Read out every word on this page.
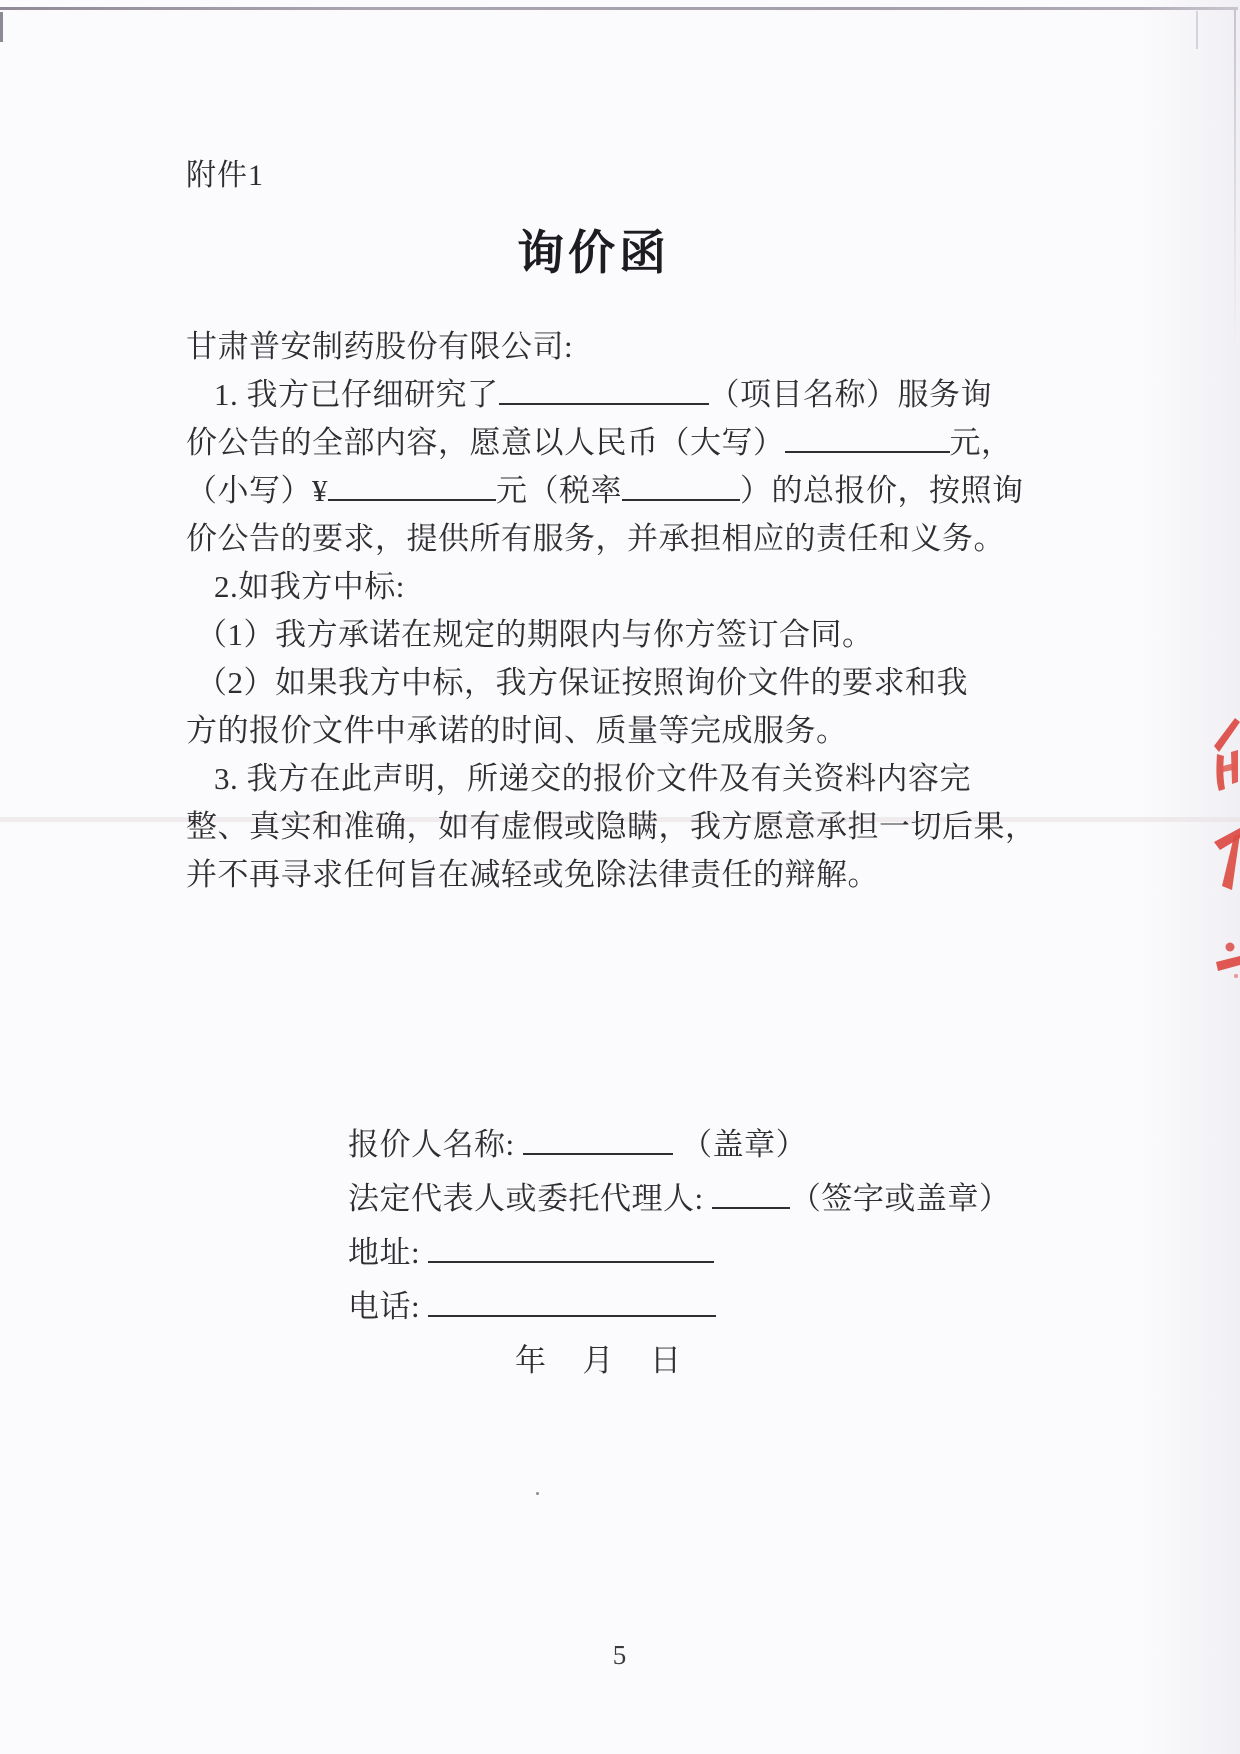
附件1
询价函
甘肃普安制药股份有限公司:
1. 我方已仔细研究了	（项目名称）服务询
价公告的全部内容，愿意以人民币（大写）	元，
（小写）¥	元（税率	）的总报价，按照询
价公告的要求，提供所有服务，并承担相应的责任和义务。
2.如我方中标:
（1）我方承诺在规定的期限内与你方签订合同。
（2）如果我方中标，我方保证按照询价文件的要求和我
方的报价文件中承诺的时间、质量等完成服务。
3. 我方在此声明，所递交的报价文件及有关资料内容完
整、真实和准确，如有虚假或隐瞒，我方愿意承担一切后果，
并不再寻求任何旨在减轻或免除法律责任的辩解。
报价人名称:	（盖章）
法定代表人或委托代理人:	（签字或盖章）
地址:
电话:
年 月 日
5
